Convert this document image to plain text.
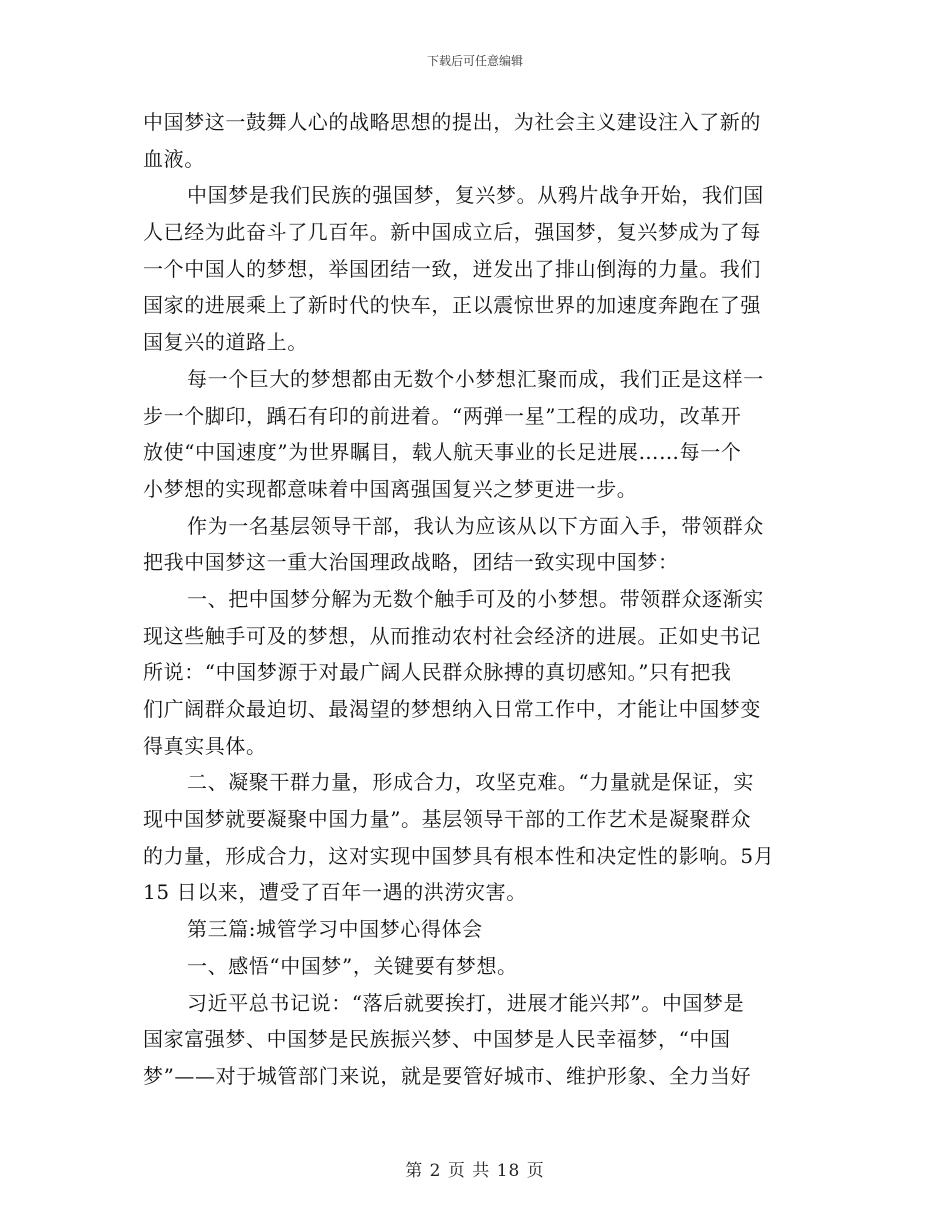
下载后可任意编辑
中国梦这一鼓舞人心的战略思想的提出，为社会主义建设注入了新的
血液。
中国梦是我们民族的强国梦，复兴梦。从鸦片战争开始，我们国
人已经为此奋斗了几百年。新中国成立后，强国梦，复兴梦成为了每
一个中国人的梦想，举国团结一致，迸发出了排山倒海的力量。我们
国家的进展乘上了新时代的快车，正以震惊世界的加速度奔跑在了强
国复兴的道路上。
每一个巨大的梦想都由无数个小梦想汇聚而成，我们正是这样一
步一个脚印，踽石有印的前进着。“两弹一星”工程的成功，改革开
放使“中国速度”为世界瞩目，载人航天事业的长足进展……每一个
小梦想的实现都意味着中国离强国复兴之梦更进一步。
作为一名基层领导干部，我认为应该从以下方面入手，带领群众
把我中国梦这一重大治国理政战略，团结一致实现中国梦：
一、把中国梦分解为无数个触手可及的小梦想。带领群众逐渐实
现这些触手可及的梦想，从而推动农村社会经济的进展。正如史书记
所说：“中国梦源于对最广阔人民群众脉搏的真切感知。”只有把我
们广阔群众最迫切、最渴望的梦想纳入日常工作中，才能让中国梦变
得真实具体。
二、凝聚干群力量，形成合力，攻坚克难。“力量就是保证，实
现中国梦就要凝聚中国力量”。基层领导干部的工作艺术是凝聚群众
的力量，形成合力，这对实现中国梦具有根本性和决定性的影响。5月
15 日以来，遭受了百年一遇的洪涝灾害。
第三篇:城管学习中国梦心得体会
一、感悟“中国梦”，关键要有梦想。
习近平总书记说：“落后就要挨打，进展才能兴邦”。中国梦是
国家富强梦、中国梦是民族振兴梦、中国梦是人民幸福梦，“中国
梦”——对于城管部门来说，就是要管好城市、维护形象、全力当好
第 2 页 共 18 页
